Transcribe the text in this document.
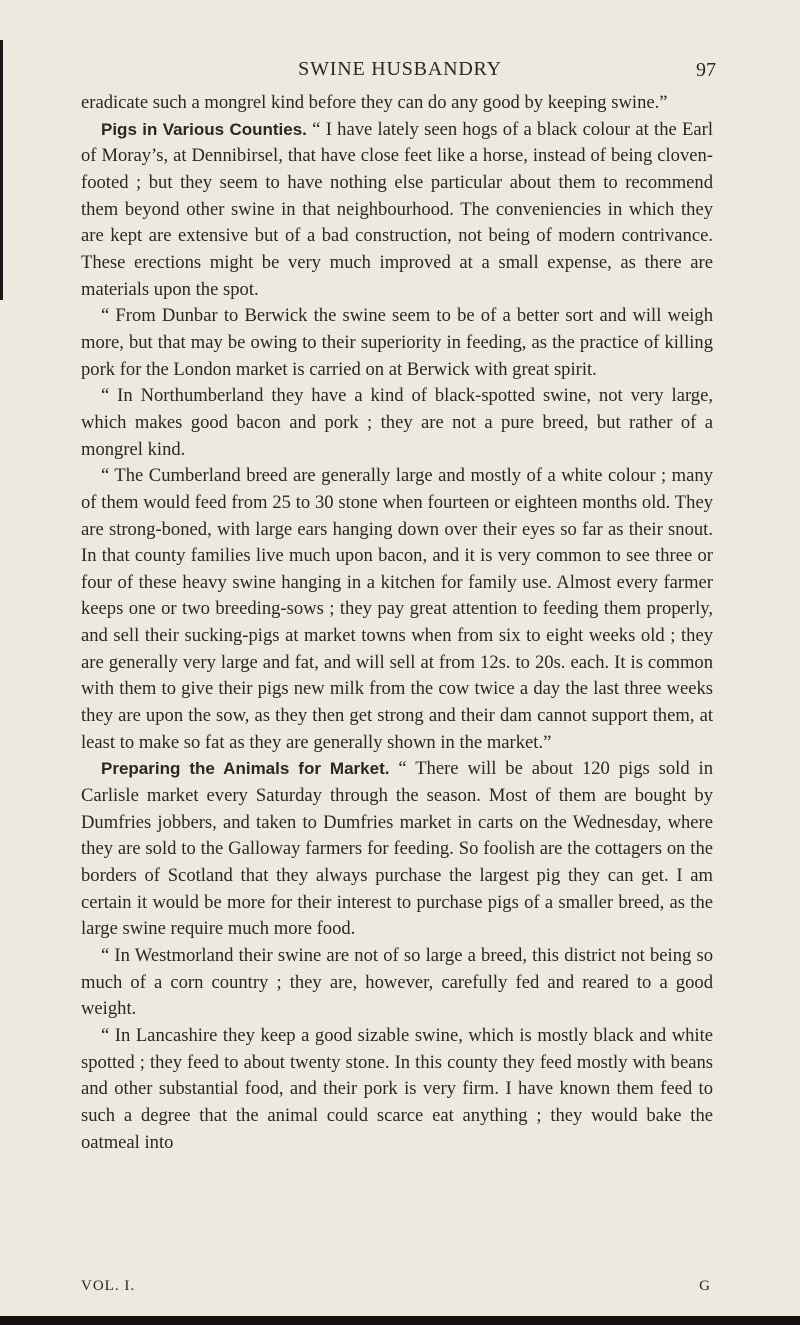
SWINE HUSBANDRY	97

eradicate such a mongrel kind before they can do any good by keeping swine.”

Pigs in Various Counties. “ I have lately seen hogs of a black colour at the Earl of Moray’s, at Dennibirsel, that have close feet like a horse, instead of being cloven-footed ; but they seem to have nothing else particular about them to recommend them beyond other swine in that neighbourhood. The conveniencies in which they are kept are extensive but of a bad construction, not being of modern contrivance. These erections might be very much improved at a small expense, as there are materials upon the spot.

“ From Dunbar to Berwick the swine seem to be of a better sort and will weigh more, but that may be owing to their superiority in feeding, as the practice of killing pork for the London market is carried on at Berwick with great spirit.

“ In Northumberland they have a kind of black-spotted swine, not very large, which makes good bacon and pork ; they are not a pure breed, but rather of a mongrel kind.

“ The Cumberland breed are generally large and mostly of a white colour ; many of them would feed from 25 to 30 stone when fourteen or eighteen months old. They are strong-boned, with large ears hanging down over their eyes so far as their snout. In that county families live much upon bacon, and it is very common to see three or four of these heavy swine hanging in a kitchen for family use. Almost every farmer keeps one or two breeding-sows ; they pay great attention to feeding them properly, and sell their sucking-pigs at market towns when from six to eight weeks old ; they are generally very large and fat, and will sell at from 12s. to 20s. each. It is common with them to give their pigs new milk from the cow twice a day the last three weeks they are upon the sow, as they then get strong and their dam cannot support them, at least to make so fat as they are generally shown in the market.”

Preparing the Animals for Market. “ There will be about 120 pigs sold in Carlisle market every Saturday through the season. Most of them are bought by Dumfries jobbers, and taken to Dumfries market in carts on the Wednesday, where they are sold to the Galloway farmers for feeding. So foolish are the cottagers on the borders of Scotland that they always purchase the largest pig they can get. I am certain it would be more for their interest to purchase pigs of a smaller breed, as the large swine require much more food.

“ In Westmorland their swine are not of so large a breed, this district not being so much of a corn country ; they are, however, carefully fed and reared to a good weight.

“ In Lancashire they keep a good sizable swine, which is mostly black and white spotted ; they feed to about twenty stone. In this county they feed mostly with beans and other substantial food, and their pork is very firm. I have known them feed to such a degree that the animal could scarce eat anything ; they would bake the oatmeal into

VOL. I.	G
